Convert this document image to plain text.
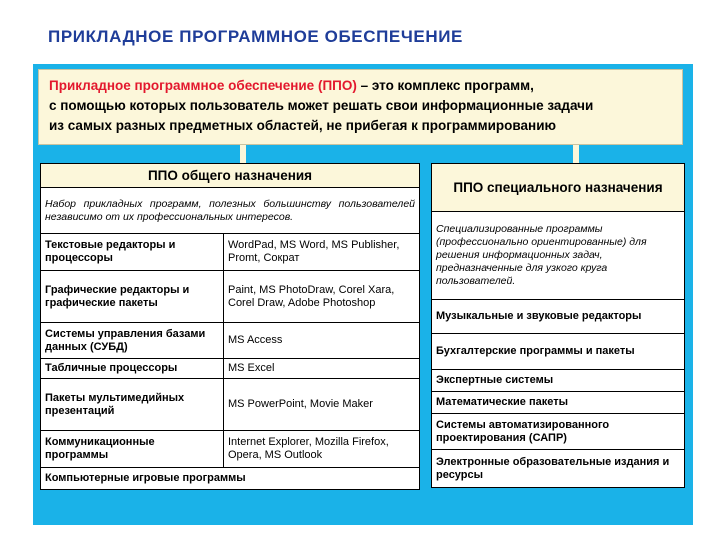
ПРИКЛАДНОЕ ПРОГРАММНОЕ ОБЕСПЕЧЕНИЕ
Прикладное программное обеспечение (ППО) – это комплекс программ,
с помощью которых пользователь может решать свои информационные задачи
из самых разных предметных областей, не прибегая к программированию
ППО общего назначения	
Набор прикладных программ, полезных большинству пользователей независимо от их профессиональных интересов.	
Текстовые редакторы и процессоры	WordPad, MS Word, MS Publisher, Promt, Сократ
Графические редакторы и графические пакеты	Paint, MS PhotoDraw, Corel Xara, Corel Draw, Adobe Photoshop
Системы управления базами данных (СУБД)	MS Access
Табличные процессоры	MS Excel
Пакеты мультимедийных презентаций	MS PowerPoint, Movie Maker
Коммуникационные программы	Internet Explorer, Mozilla Firefox, Opera, MS Outlook
Компьютерные игровые программы	
ППО специального назначения
Специализированные программы (профессионально ориентированные) для решения информационных задач, предназначенные для узкого круга пользователей.
Музыкальные и звуковые редакторы
Бухгалтерские программы и пакеты
Экспертные системы
Математические пакеты
Системы автоматизированного проектирования (САПР)
Электронные образовательные издания и ресурсы
